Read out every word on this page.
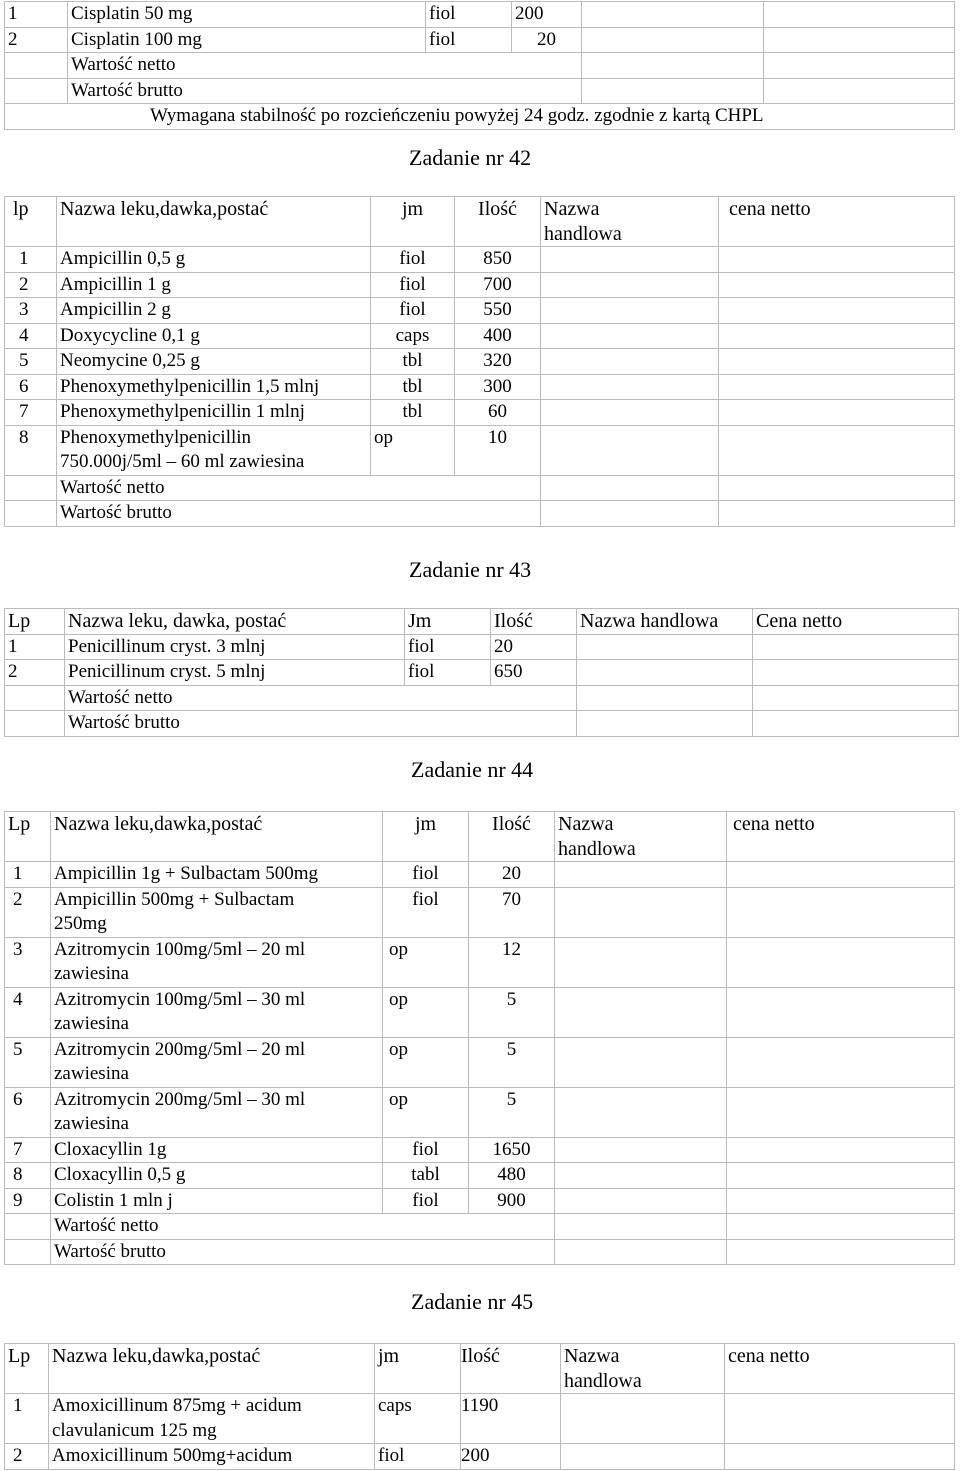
1	Cisplatin 50 mg	fiol	200		
2	Cisplatin 100 mg	fiol	20		
	Wartość netto				
	Wartość brutto				
Wymagana stabilność po rozcieńczeniu powyżej 24 godz. zgodnie z kartą CHPL					
Zadanie nr 42
lp	Nazwa leku,dawka,postać	jm	Ilość	Nazwa handlowa	cena netto
1	Ampicillin 0,5 g	fiol	850		
2	Ampicillin 1 g	fiol	700		
3	Ampicillin 2 g	fiol	550		
4	Doxycycline 0,1 g	caps	400		
5	Neomycine 0,25 g	tbl	320		
6	Phenoxymethylpenicillin 1,5 mlnj	tbl	300		
7	Phenoxymethylpenicillin 1 mlnj	tbl	60		
8	Phenoxymethylpenicillin 750.000j/5ml – 60 ml zawiesina	op	10		
	Wartość netto				
	Wartość brutto				
Zadanie nr 43
Lp	Nazwa leku, dawka, postać	Jm	Ilość	Nazwa handlowa	Cena netto
1	Penicillinum cryst. 3 mlnj	fiol	20		
2	Penicillinum cryst. 5 mlnj	fiol	650		
	Wartość netto				
	Wartość brutto				
Zadanie nr 44
Lp	Nazwa leku,dawka,postać	jm	Ilość	Nazwa handlowa	cena netto
1	Ampicillin 1g + Sulbactam 500mg	fiol	20		
2	Ampicillin 500mg + Sulbactam 250mg	fiol	70		
3	Azitromycin 100mg/5ml – 20 ml zawiesina	op	12		
4	Azitromycin 100mg/5ml – 30 ml zawiesina	op	5		
5	Azitromycin 200mg/5ml – 20 ml zawiesina	op	5		
6	Azitromycin 200mg/5ml – 30 ml zawiesina	op	5		
7	Cloxacyllin 1g	fiol	1650		
8	Cloxacyllin 0,5 g	tabl	480		
9	Colistin 1 mln j	fiol	900		
	Wartość netto				
	Wartość brutto				
Zadanie nr 45
Lp	Nazwa leku,dawka,postać	jm	Ilość	Nazwa handlowa	cena netto
1	Amoxicillinum 875mg + acidum clavulanicum 125 mg	caps	1190		
2	Amoxicillinum 500mg+acidum	fiol	200		
